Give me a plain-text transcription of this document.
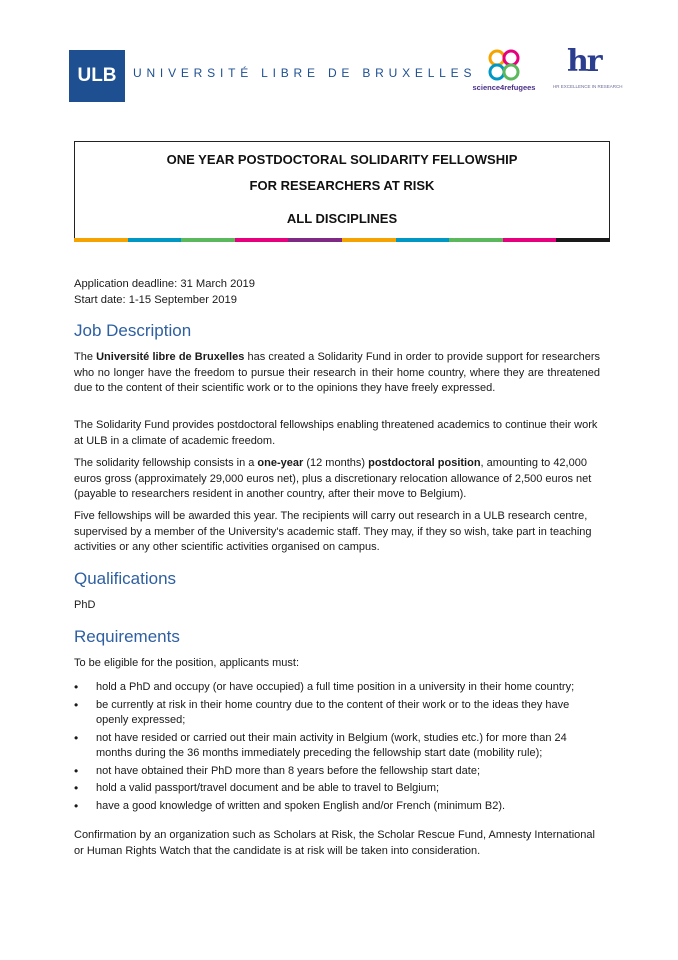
ULB	UNIVERSITÉ LIBRE DE BRUXELLES
science4refugees
hr
HR EXCELLENCE IN RESEARCH
ONE YEAR POSTDOCTORAL SOLIDARITY FELLOWSHIP
FOR RESEARCHERS AT RISK
ALL DISCIPLINES
Application deadline: 31 March 2019
Start date: 1-15 September 2019
Job Description
The Université libre de Bruxelles has created a Solidarity Fund in order to provide support for researchers who no longer have the freedom to pursue their research in their home country, where they are threatened due to the content of their scientific work or to the opinions they have freely expressed.
The Solidarity Fund provides postdoctoral fellowships enabling threatened academics to continue their work at ULB in a climate of academic freedom.
The solidarity fellowship consists in a one-year (12 months) postdoctoral position, amounting to 42,000 euros gross (approximately 29,000 euros net), plus a discretionary relocation allowance of 2,500 euros net (payable to researchers resident in another country, after their move to Belgium).
Five fellowships will be awarded this year. The recipients will carry out research in a ULB research centre, supervised by a member of the University's academic staff. They may, if they so wish, take part in teaching activities or any other scientific activities organised on campus.
Qualifications
PhD
Requirements
To be eligible for the position, applicants must:
• hold a PhD and occupy (or have occupied) a full time position in a university in their home country;
• be currently at risk in their home country due to the content of their work or to the ideas they have openly expressed;
• not have resided or carried out their main activity in Belgium (work, studies etc.) for more than 24 months during the 36 months immediately preceding the fellowship start date (mobility rule);
• not have obtained their PhD more than 8 years before the fellowship start date;
• hold a valid passport/travel document and be able to travel to Belgium;
• have a good knowledge of written and spoken English and/or French (minimum B2).
Confirmation by an organization such as Scholars at Risk, the Scholar Rescue Fund, Amnesty International or Human Rights Watch that the candidate is at risk will be taken into consideration.
